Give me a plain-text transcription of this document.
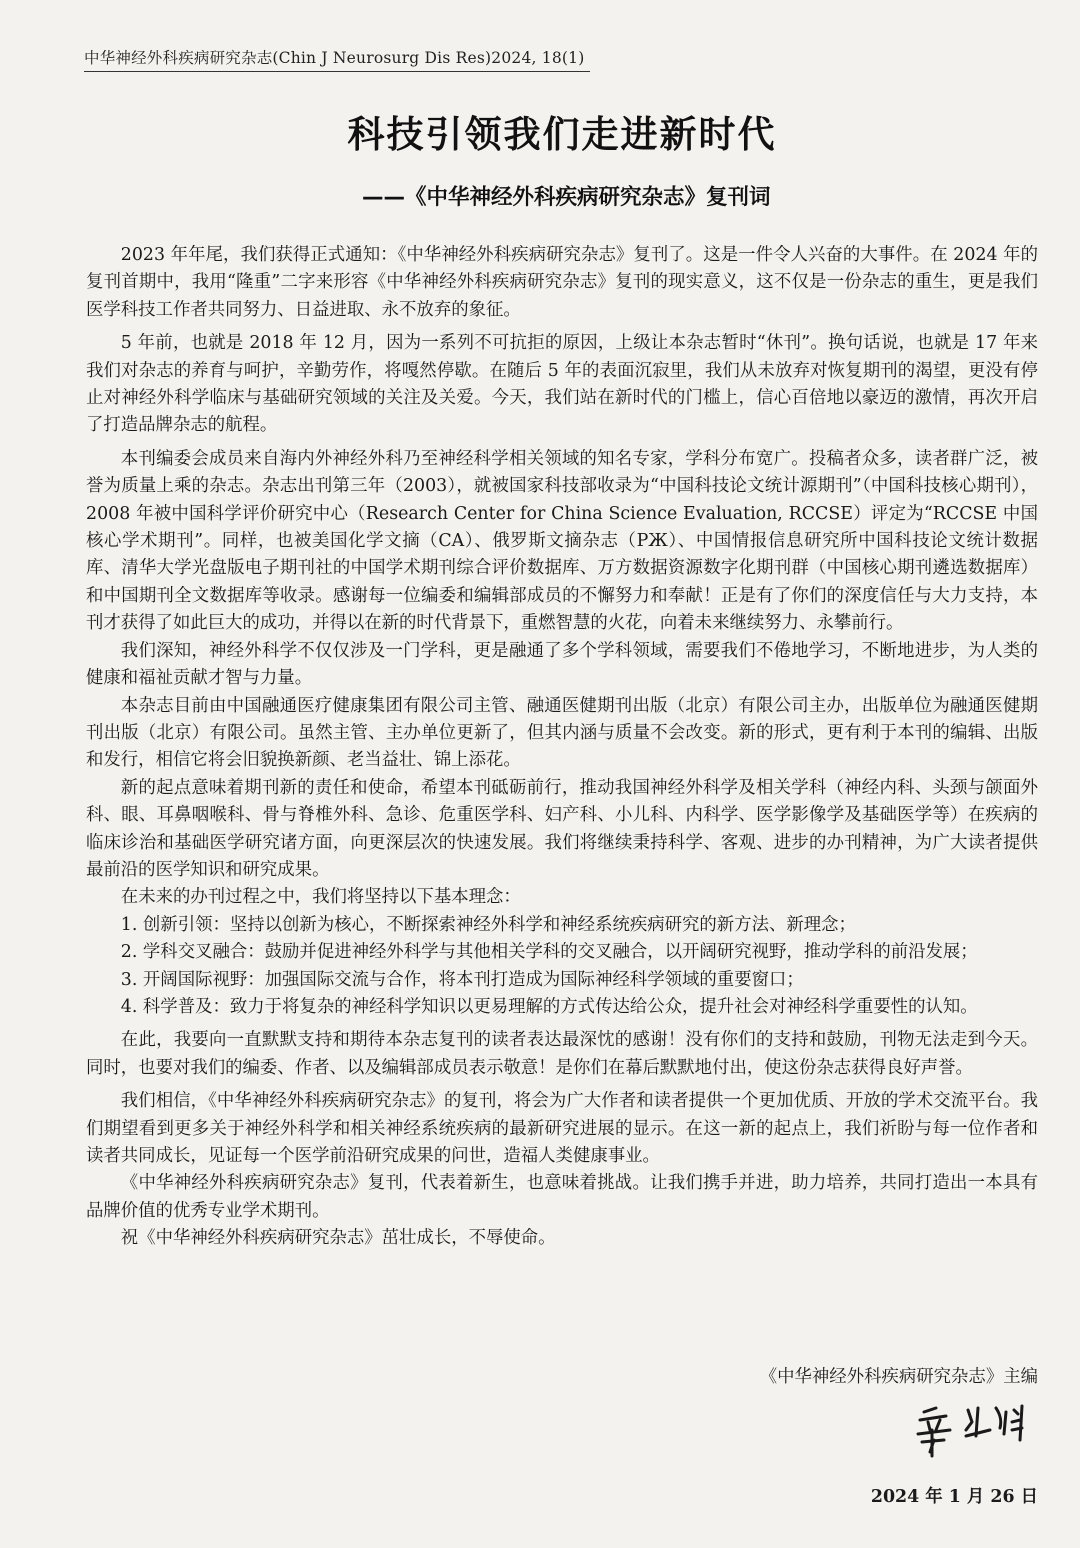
中华神经外科疾病研究杂志(Chin J Neurosurg Dis Res)2024, 18(1)
科技引领我们走进新时代
——《中华神经外科疾病研究杂志》复刊词

2023 年年尾，我们获得正式通知：《中华神经外科疾病研究杂志》复刊了。这是一件令人兴奋的大事件。在 2024 年的复刊首期中，我用“隆重”二字来形容《中华神经外科疾病研究杂志》复刊的现实意义，这不仅是一份杂志的重生，更是我们医学科技工作者共同努力、日益进取、永不放弃的象征。

5 年前，也就是 2018 年 12 月，因为一系列不可抗拒的原因，上级让本杂志暂时“休刊”。换句话说，也就是 17 年来我们对杂志的养育与呵护，辛勤劳作，将嘎然停歇。在随后 5 年的表面沉寂里，我们从未放弃对恢复期刊的渴望，更没有停止对神经外科学临床与基础研究领域的关注及关爱。今天，我们站在新时代的门槛上，信心百倍地以豪迈的激情，再次开启了打造品牌杂志的航程。

本刊编委会成员来自海内外神经外科乃至神经科学相关领域的知名专家，学科分布宽广。投稿者众多，读者群广泛，被誉为质量上乘的杂志。杂志出刊第三年（2003），就被国家科技部收录为“中国科技论文统计源期刊”（中国科技核心期刊），2008 年被中国科学评价研究中心（Research Center for China Science Evaluation, RCCSE）评定为“RCCSE 中国核心学术期刊”。同样，也被美国化学文摘（CA）、俄罗斯文摘杂志（PЖ）、中国情报信息研究所中国科技论文统计数据库、清华大学光盘版电子期刊社的中国学术期刊综合评价数据库、万方数据资源数字化期刊群（中国核心期刊遴选数据库）和中国期刊全文数据库等收录。感谢每一位编委和编辑部成员的不懈努力和奉献！正是有了你们的深度信任与大力支持，本刊才获得了如此巨大的成功，并得以在新的时代背景下，重燃智慧的火花，向着未来继续努力、永攀前行。

我们深知，神经外科学不仅仅涉及一门学科，更是融通了多个学科领域，需要我们不倦地学习，不断地进步，为人类的健康和福祉贡献才智与力量。

本杂志目前由中国融通医疗健康集团有限公司主管、融通医健期刊出版（北京）有限公司主办，出版单位为融通医健期刊出版（北京）有限公司。虽然主管、主办单位更新了，但其内涵与质量不会改变。新的形式，更有利于本刊的编辑、出版和发行，相信它将会旧貌换新颜、老当益壮、锦上添花。

新的起点意味着期刊新的责任和使命，希望本刊砥砺前行，推动我国神经外科学及相关学科（神经内科、头颈与颌面外科、眼、耳鼻咽喉科、骨与脊椎外科、急诊、危重医学科、妇产科、小儿科、内科学、医学影像学及基础医学等）在疾病的临床诊治和基础医学研究诸方面，向更深层次的快速发展。我们将继续秉持科学、客观、进步的办刊精神，为广大读者提供最前沿的医学知识和研究成果。

在未来的办刊过程之中，我们将坚持以下基本理念：

1. 创新引领：坚持以创新为核心，不断探索神经外科学和神经系统疾病研究的新方法、新理念；

2. 学科交叉融合：鼓励并促进神经外科学与其他相关学科的交叉融合，以开阔研究视野，推动学科的前沿发展；

3. 开阔国际视野：加强国际交流与合作，将本刊打造成为国际神经科学领域的重要窗口；

4. 科学普及：致力于将复杂的神经科学知识以更易理解的方式传达给公众，提升社会对神经科学重要性的认知。

在此，我要向一直默默支持和期待本杂志复刊的读者表达最深忱的感谢！没有你们的支持和鼓励，刊物无法走到今天。同时，也要对我们的编委、作者、以及编辑部成员表示敬意！是你们在幕后默默地付出，使这份杂志获得良好声誉。

我们相信，《中华神经外科疾病研究杂志》的复刊，将会为广大作者和读者提供一个更加优质、开放的学术交流平台。我们期望看到更多关于神经外科学和相关神经系统疾病的最新研究进展的显示。在这一新的起点上，我们祈盼与每一位作者和读者共同成长，见证每一个医学前沿研究成果的问世，造福人类健康事业。

《中华神经外科疾病研究杂志》复刊，代表着新生，也意味着挑战。让我们携手并进，助力培养，共同打造出一本具有品牌价值的优秀专业学术期刊。

祝《中华神经外科疾病研究杂志》茁壮成长，不辱使命。

《中华神经外科疾病研究杂志》主编
2024 年 1 月 26 日
